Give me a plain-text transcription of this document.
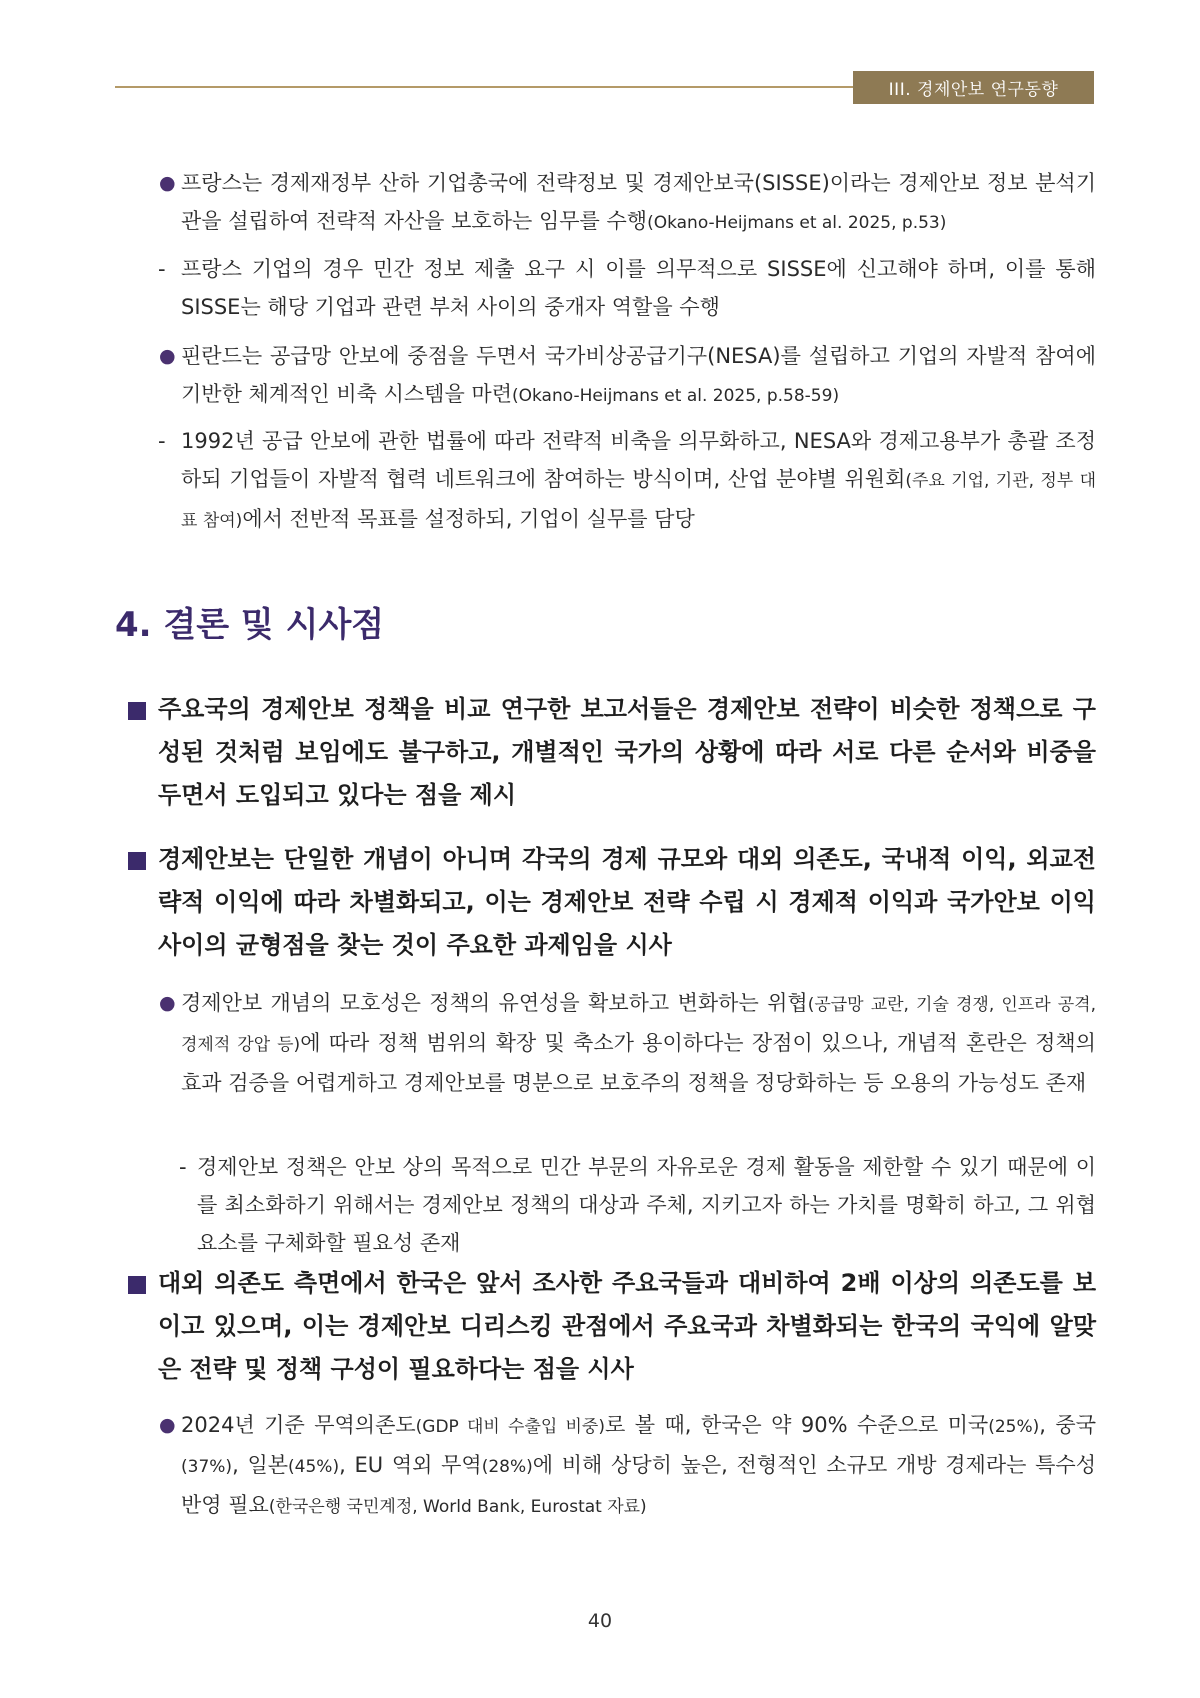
III. 경제안보 연구동향
● 프랑스는 경제재정부 산하 기업총국에 전략정보 및 경제안보국(SISSE)이라는 경제안보 정보 분석기관을 설립하여 전략적 자산을 보호하는 임무를 수행(Okano-Heijmans et al. 2025, p.53)
- 프랑스 기업의 경우 민간 정보 제출 요구 시 이를 의무적으로 SISSE에 신고해야 하며, 이를 통해 SISSE는 해당 기업과 관련 부처 사이의 중개자 역할을 수행
● 핀란드는 공급망 안보에 중점을 두면서 국가비상공급기구(NESA)를 설립하고 기업의 자발적 참여에 기반한 체계적인 비축 시스템을 마련(Okano-Heijmans et al. 2025, p.58-59)
- 1992년 공급 안보에 관한 법률에 따라 전략적 비축을 의무화하고, NESA와 경제고용부가 총괄 조정하되 기업들이 자발적 협력 네트워크에 참여하는 방식이며, 산업 분야별 위원회(주요 기업, 기관, 정부 대표 참여)에서 전반적 목표를 설정하되, 기업이 실무를 담당
4. 결론 및 시사점
주요국의 경제안보 정책을 비교 연구한 보고서들은 경제안보 전략이 비슷한 정책으로 구성된 것처럼 보임에도 불구하고, 개별적인 국가의 상황에 따라 서로 다른 순서와 비중을 두면서 도입되고 있다는 점을 제시
경제안보는 단일한 개념이 아니며 각국의 경제 규모와 대외 의존도, 국내적 이익, 외교전략적 이익에 따라 차별화되고, 이는 경제안보 전략 수립 시 경제적 이익과 국가안보 이익 사이의 균형점을 찾는 것이 주요한 과제임을 시사
● 경제안보 개념의 모호성은 정책의 유연성을 확보하고 변화하는 위협(공급망 교란, 기술 경쟁, 인프라 공격, 경제적 강압 등)에 따라 정책 범위의 확장 및 축소가 용이하다는 장점이 있으나, 개념적 혼란은 정책의 효과 검증을 어렵게하고 경제안보를 명분으로 보호주의 정책을 정당화하는 등 오용의 가능성도 존재
- 경제안보 정책은 안보 상의 목적으로 민간 부문의 자유로운 경제 활동을 제한할 수 있기 때문에 이를 최소화하기 위해서는 경제안보 정책의 대상과 주체, 지키고자 하는 가치를 명확히 하고, 그 위협 요소를 구체화할 필요성 존재
대외 의존도 측면에서 한국은 앞서 조사한 주요국들과 대비하여 2배 이상의 의존도를 보이고 있으며, 이는 경제안보 디리스킹 관점에서 주요국과 차별화되는 한국의 국익에 알맞은 전략 및 정책 구성이 필요하다는 점을 시사
● 2024년 기준 무역의존도(GDP 대비 수출입 비중)로 볼 때, 한국은 약 90% 수준으로 미국(25%), 중국(37%), 일본(45%), EU 역외 무역(28%)에 비해 상당히 높은, 전형적인 소규모 개방 경제라는 특수성 반영 필요(한국은행 국민계정, World Bank, Eurostat 자료)
40
